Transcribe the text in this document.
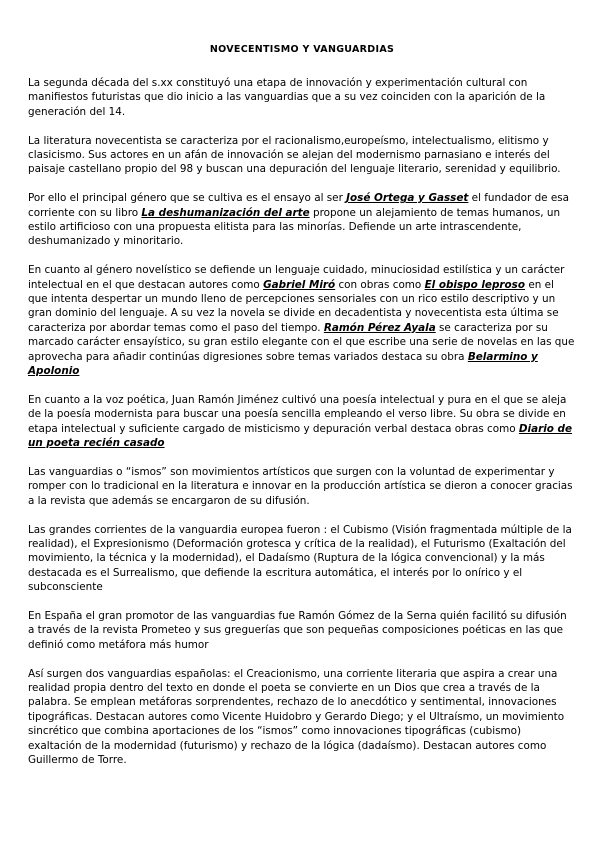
NOVECENTISMO Y VANGUARDIAS

La segunda década del s.xx constituyó una etapa de innovación y experimentación cultural con manifiestos futuristas que dio inicio a las vanguardias que a su vez coinciden con la aparición de la generación del 14.

La literatura novecentista se caracteriza por el racionalismo,europeísmo, intelectualismo, elitismo y clasicismo. Sus actores en un afán de innovación se alejan del modernismo parnasiano e interés del paisaje castellano propio del 98 y buscan una depuración del lenguaje literario, serenidad y equilibrio.

Por ello el principal género que se cultiva es el ensayo al ser José Ortega y Gasset el fundador de esa corriente con su libro La deshumanización del arte propone un alejamiento de temas humanos, un estilo artificioso con una propuesta elitista para las minorías. Defiende un arte intrascendente, deshumanizado y minoritario.

En cuanto al género novelístico se defiende un lenguaje cuidado, minuciosidad estilística y un carácter intelectual en el que destacan autores como Gabriel Miró con obras como El obispo leproso en el que intenta despertar un mundo lleno de percepciones sensoriales con un rico estilo descriptivo y un gran dominio del lenguaje. A su vez la novela se divide en decadentista y novecentista esta última se caracteriza por abordar temas como el paso del tiempo. Ramón Pérez Ayala se caracteriza por su marcado carácter ensayístico, su gran estilo elegante con el que escribe una serie de novelas en las que aprovecha para añadir continúas digresiones sobre temas variados destaca su obra Belarmino y Apolonio

En cuanto a la voz poética, Juan Ramón Jiménez cultivó una poesía intelectual y pura en el que se aleja de la poesía modernista para buscar una poesía sencilla empleando el verso libre. Su obra se divide en etapa intelectual y suficiente cargado de misticismo y depuración verbal destaca obras como Diario de un poeta recién casado

Las vanguardias o “ismos” son movimientos artísticos que surgen con la voluntad de experimentar y romper con lo tradicional en la literatura e innovar en la producción artística se dieron a conocer gracias a la revista que además se encargaron de su difusión.

Las grandes corrientes de la vanguardia europea fueron : el Cubismo (Visión fragmentada múltiple de la realidad), el Expresionismo (Deformación grotesca y crítica de la realidad), el Futurismo (Exaltación del movimiento, la técnica y la modernidad), el Dadaísmo (Ruptura de la lógica convencional) y la más destacada es el Surrealismo, que defiende la escritura automática, el interés por lo onírico y el subconsciente

En España el gran promotor de las vanguardias fue Ramón Gómez de la Serna quién facilitó su difusión a través de la revista Prometeo y sus greguerías que son pequeñas composiciones poéticas en las que definió como metáfora más humor

Así surgen dos vanguardias españolas: el Creacionismo, una corriente literaria que aspira a crear una realidad propia dentro del texto en donde el poeta se convierte en un Dios que crea a través de la palabra. Se emplean metáforas sorprendentes, rechazo de lo anecdótico y sentimental, innovaciones tipográficas. Destacan autores como Vicente Huidobro y Gerardo Diego; y el Ultraísmo, un movimiento sincrético que combina aportaciones de los “ismos” como innovaciones tipográficas (cubismo) exaltación de la modernidad (futurismo) y rechazo de la lógica (dadaísmo). Destacan autores como Guillermo de Torre.
